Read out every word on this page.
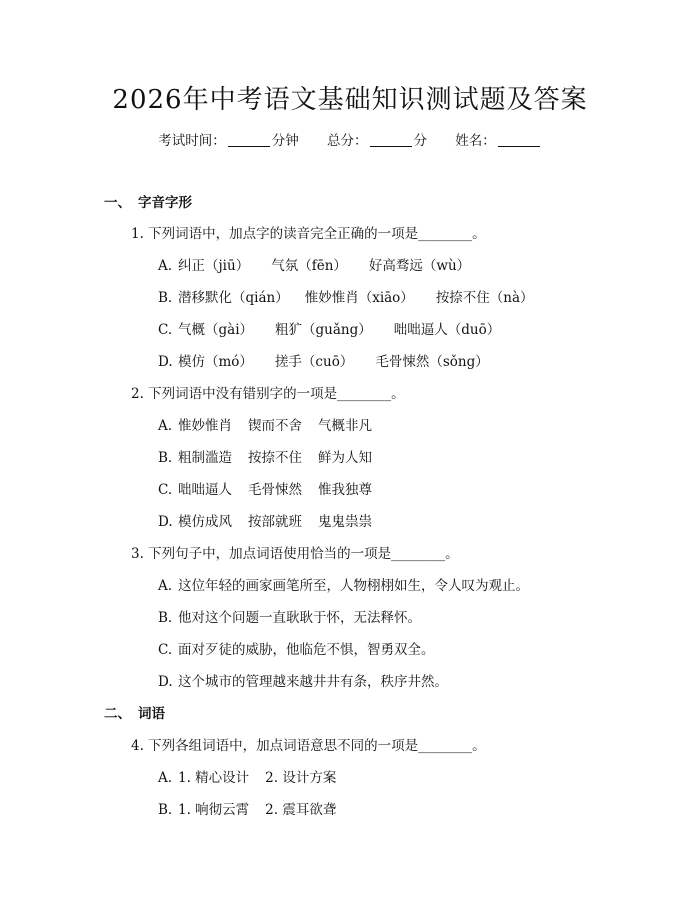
2026年中考语文基础知识测试题及答案
考试时间：	分钟 总分：	分 姓名：
一、 字音字形
1. 下列词语中，加点字的读音完全正确的一项是________。
A. 纠正（jiū） 气氛（fēn） 好高骛远（wù）
B. 潜移默化（qián） 惟妙惟肖（xiāo） 按捺不住（nà）
C. 气概（gài） 粗犷（guǎng） 咄咄逼人（duō）
D. 模仿（mó） 搓手（cuō） 毛骨悚然（sǒng）
2. 下列词语中没有错别字的一项是________。
A. 惟妙惟肖 锲而不舍 气概非凡
B. 粗制滥造 按捺不住 鲜为人知
C. 咄咄逼人 毛骨悚然 惟我独尊
D. 模仿成风 按部就班 鬼鬼祟祟
3. 下列句子中，加点词语使用恰当的一项是________。
A. 这位年轻的画家画笔所至，人物栩栩如生，令人叹为观止。
B. 他对这个问题一直耿耿于怀，无法释怀。
C. 面对歹徒的威胁，他临危不惧，智勇双全。
D. 这个城市的管理越来越井井有条，秩序井然。
二、 词语
4. 下列各组词语中，加点词语意思不同的一项是________。
A. 1. 精心设计 2. 设计方案
B. 1. 响彻云霄 2. 震耳欲聋
